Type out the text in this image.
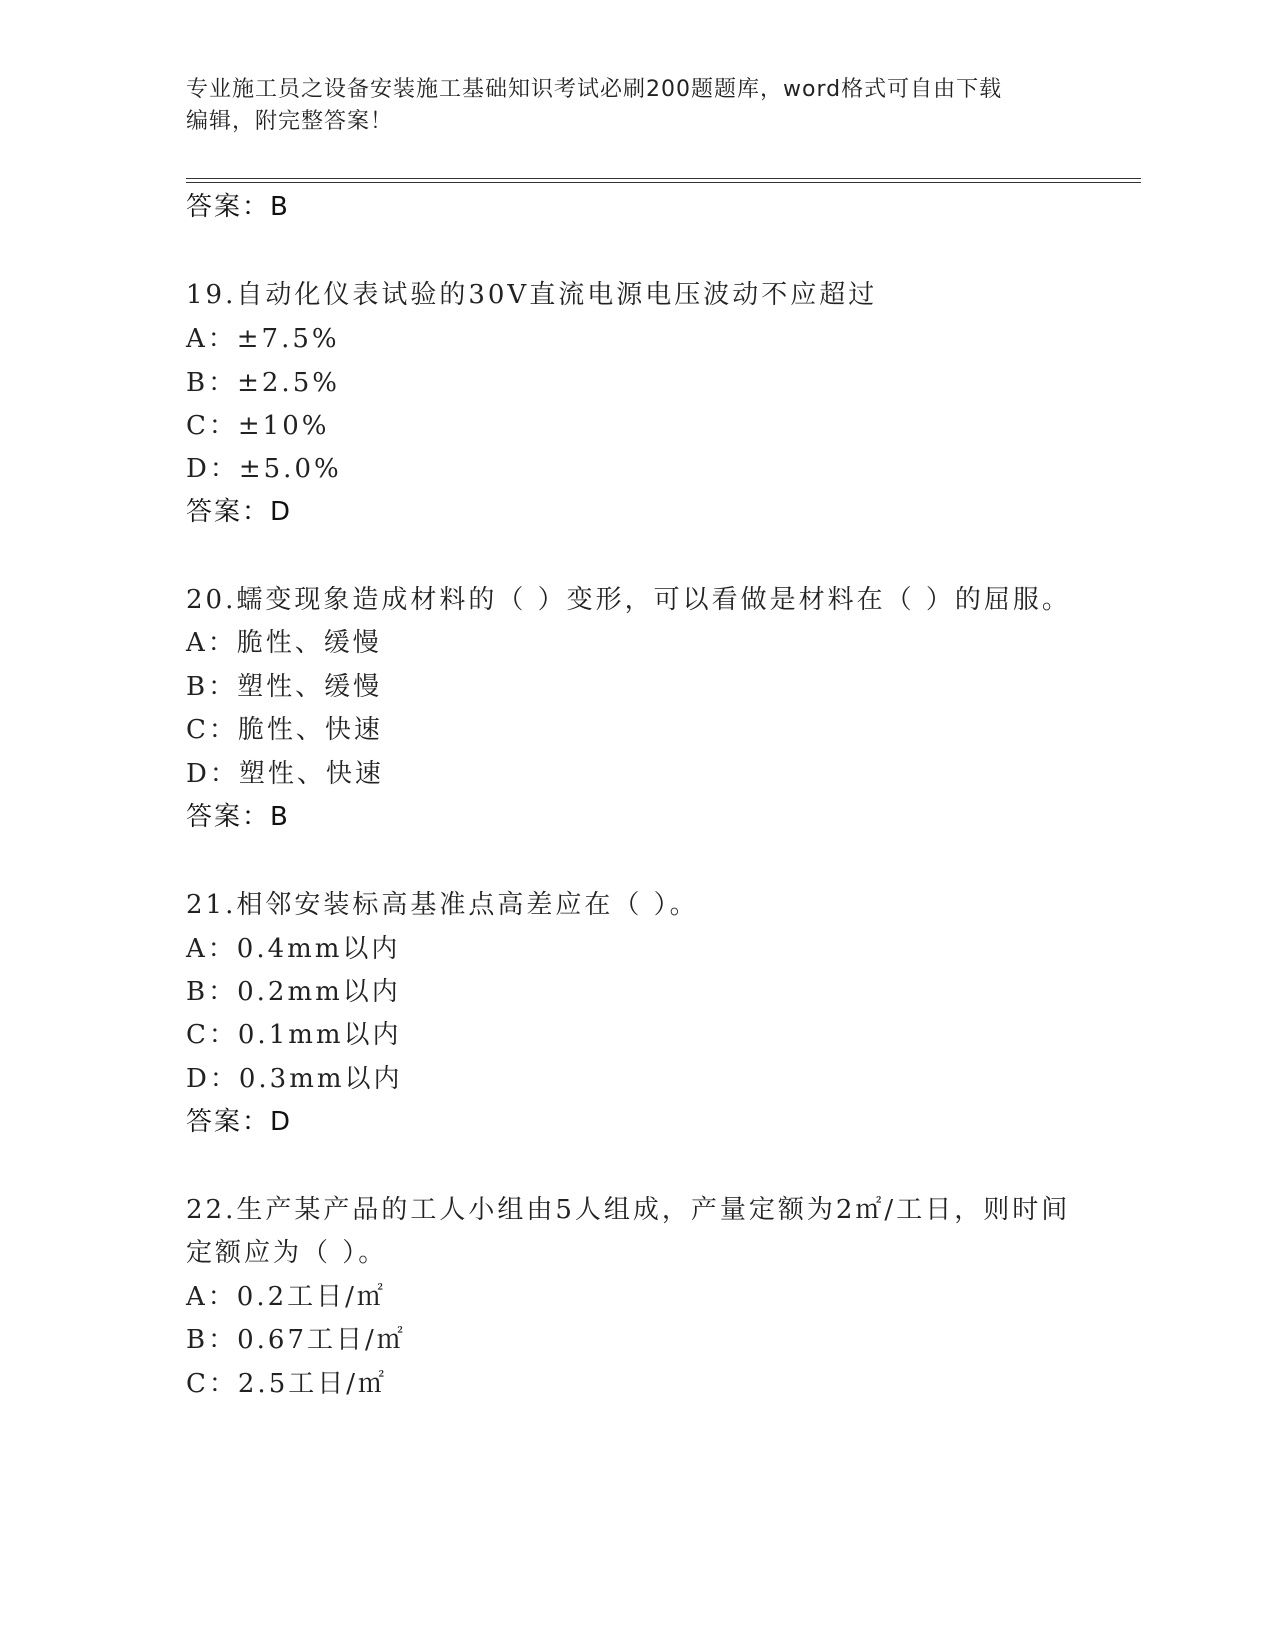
专业施工员之设备安装施工基础知识考试必刷200题题库，word格式可自由下载
编辑，附完整答案！
答案：B
19.自动化仪表试验的30V直流电源电压波动不应超过
A：±7.5%
B：±2.5%
C：±10%
D：±5.0%
答案：D
20.蠕变现象造成材料的（ ）变形，可以看做是材料在（ ）的屈服。
A：脆性、缓慢
B：塑性、缓慢
C：脆性、快速
D：塑性、快速
答案：B
21.相邻安装标高基准点高差应在（ ）。
A：0.4mm以内
B：0.2mm以内
C：0.1mm以内
D：0.3mm以内
答案：D
22.生产某产品的工人小组由5人组成，产量定额为2㎡/工日，则时间
定额应为（ ）。
A：0.2工日/㎡
B：0.67工日/㎡
C：2.5工日/㎡
